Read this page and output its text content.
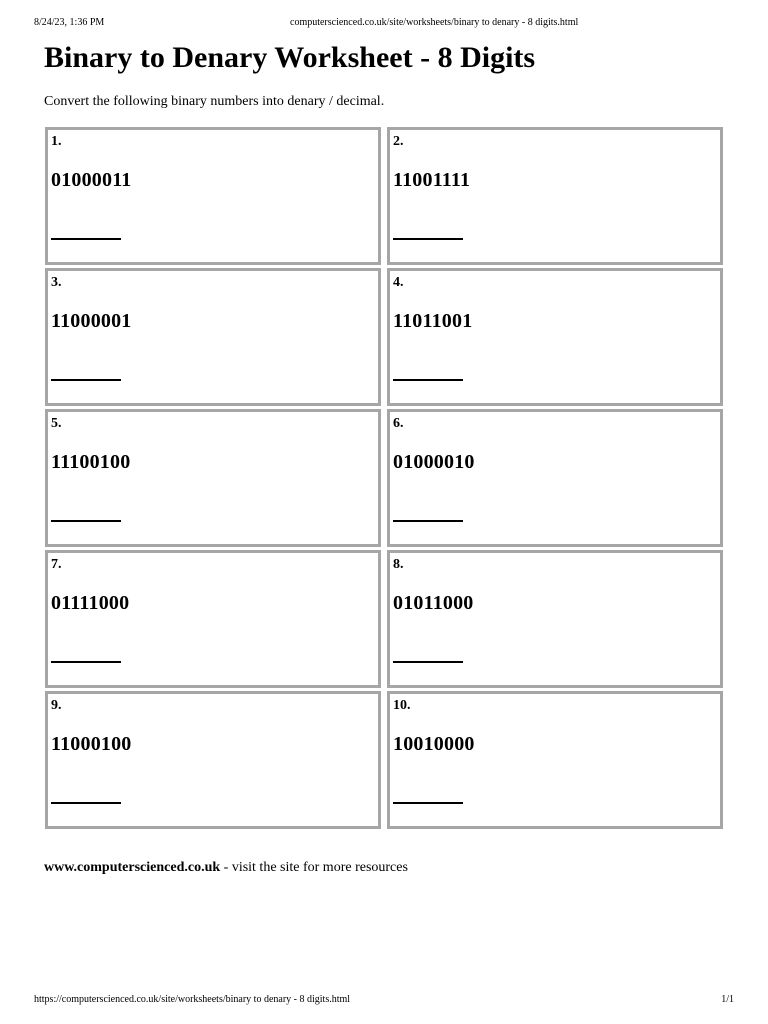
8/24/23, 1:36 PM	computerscienced.co.uk/site/worksheets/binary to denary - 8 digits.html
Binary to Denary Worksheet - 8 Digits

Convert the following binary numbers into denary / decimal.

1.
01000011
2.
11001111
3.
11000001
4.
11011001
5.
11100100
6.
01000010
7.
01111000
8.
01011000
9.
11000100
10.
10010000

www.computerscienced.co.uk - visit the site for more resources

https://computerscienced.co.uk/site/worksheets/binary to denary - 8 digits.html	1/1
